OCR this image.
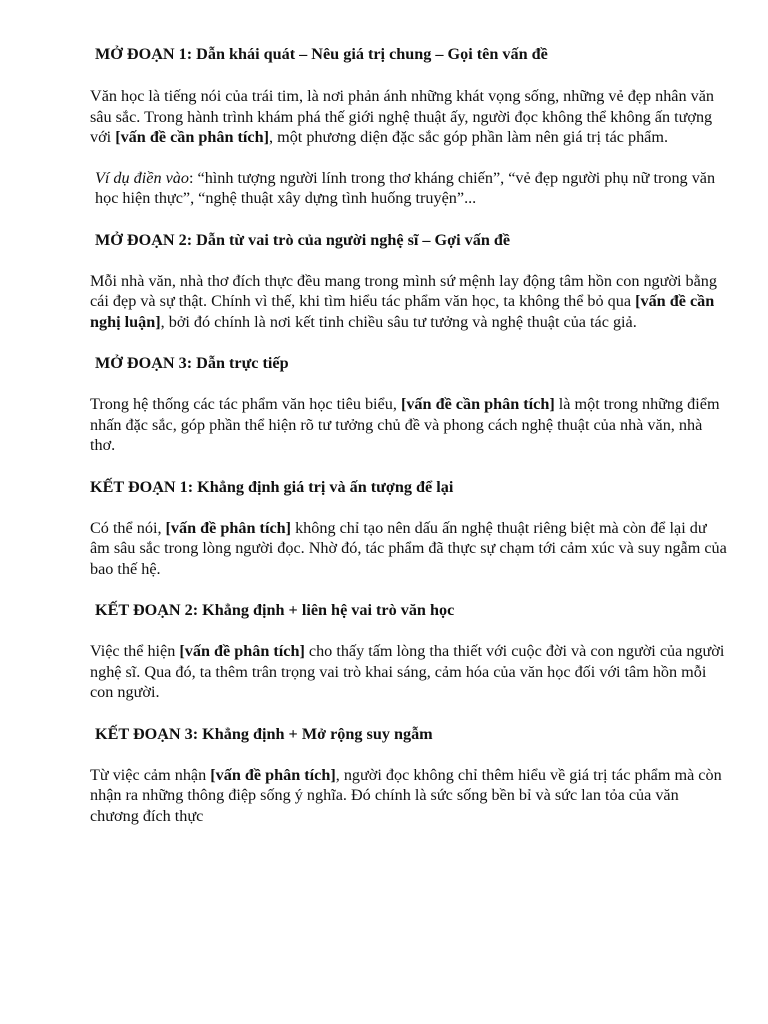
MỞ ĐOẠN 1: Dẫn khái quát – Nêu giá trị chung – Gọi tên vấn đề

Văn học là tiếng nói của trái tim, là nơi phản ánh những khát vọng sống, những vẻ đẹp nhân văn sâu sắc. Trong hành trình khám phá thế giới nghệ thuật ấy, người đọc không thể không ấn tượng với [vấn đề cần phân tích], một phương diện đặc sắc góp phần làm nên giá trị tác phẩm.

Ví dụ điền vào: “hình tượng người lính trong thơ kháng chiến”, “vẻ đẹp người phụ nữ trong văn học hiện thực”, “nghệ thuật xây dựng tình huống truyện”...

MỞ ĐOẠN 2: Dẫn từ vai trò của người nghệ sĩ – Gợi vấn đề

Mỗi nhà văn, nhà thơ đích thực đều mang trong mình sứ mệnh lay động tâm hồn con người bằng cái đẹp và sự thật. Chính vì thế, khi tìm hiểu tác phẩm văn học, ta không thể bỏ qua [vấn đề cần nghị luận], bởi đó chính là nơi kết tinh chiều sâu tư tưởng và nghệ thuật của tác giả.

MỞ ĐOẠN 3: Dẫn trực tiếp

Trong hệ thống các tác phẩm văn học tiêu biểu, [vấn đề cần phân tích] là một trong những điểm nhấn đặc sắc, góp phần thể hiện rõ tư tưởng chủ đề và phong cách nghệ thuật của nhà văn, nhà thơ.

KẾT ĐOẠN 1: Khẳng định giá trị và ấn tượng để lại

Có thể nói, [vấn đề phân tích] không chỉ tạo nên dấu ấn nghệ thuật riêng biệt mà còn để lại dư âm sâu sắc trong lòng người đọc. Nhờ đó, tác phẩm đã thực sự chạm tới cảm xúc và suy ngẫm của bao thế hệ.

KẾT ĐOẠN 2: Khẳng định + liên hệ vai trò văn học

Việc thể hiện [vấn đề phân tích] cho thấy tấm lòng tha thiết với cuộc đời và con người của người nghệ sĩ. Qua đó, ta thêm trân trọng vai trò khai sáng, cảm hóa của văn học đối với tâm hồn mỗi con người.

KẾT ĐOẠN 3: Khẳng định + Mở rộng suy ngẫm

Từ việc cảm nhận [vấn đề phân tích], người đọc không chỉ thêm hiểu về giá trị tác phẩm mà còn nhận ra những thông điệp sống ý nghĩa. Đó chính là sức sống bền bỉ và sức lan tỏa của văn chương đích thực
